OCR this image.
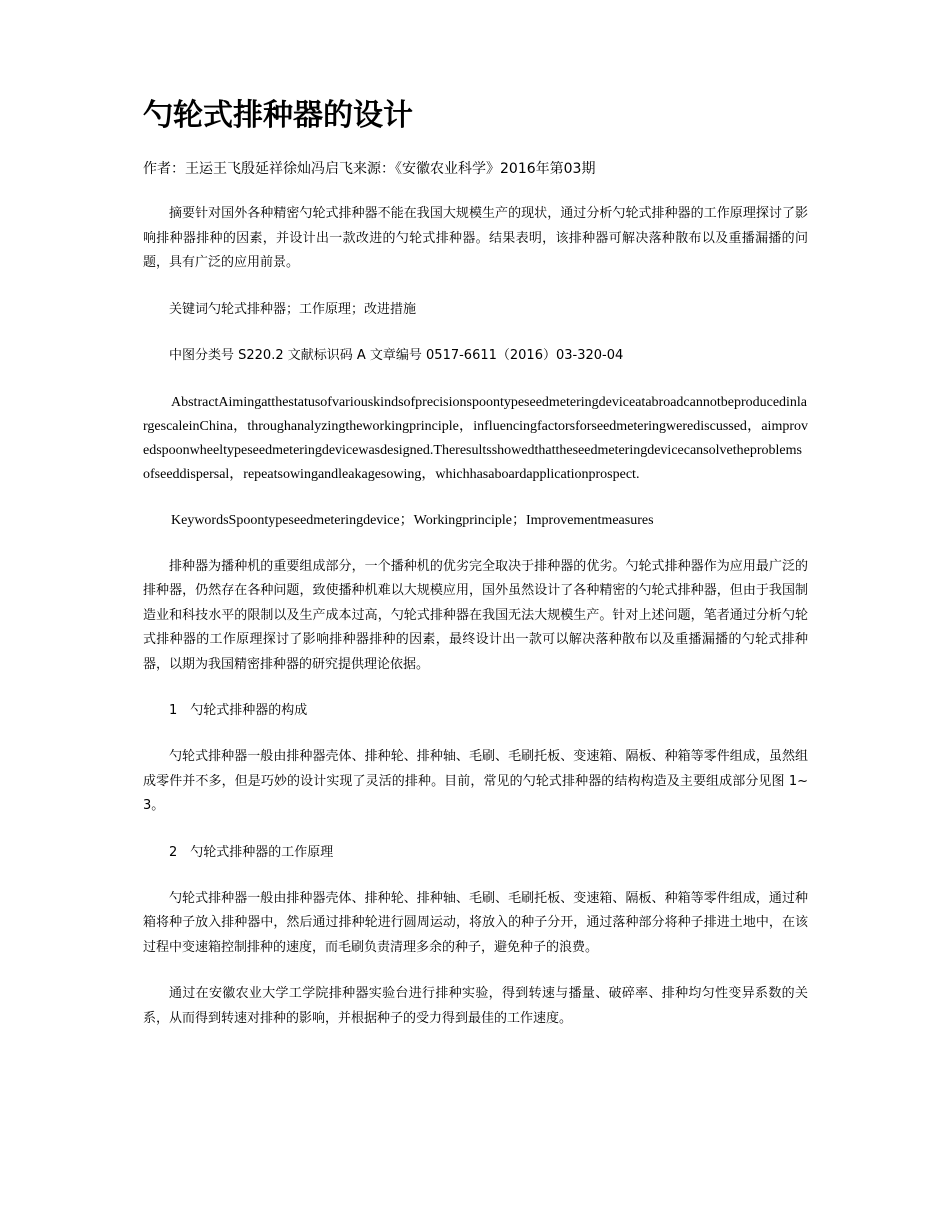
勺轮式排种器的设计

作者：王运王飞殷延祥徐灿冯启飞来源：《安徽农业科学》2016年第03期

摘要针对国外各种精密勺轮式排种器不能在我国大规模生产的现状，通过分析勺轮式排种器的工作原理探讨了影响排种器排种的因素，并设计出一款改进的勺轮式排种器。结果表明，该排种器可解决落种散布以及重播漏播的问题，具有广泛的应用前景。

关键词勺轮式排种器；工作原理；改进措施

中图分类号 S220.2 文献标识码 A 文章编号 0517-6611（2016）03-320-04

AbstractAimingatthestatusofvariouskindsofprecisionspoontypeseedmeteringdeviceatabroadcannotbeproducedinlargescaleinChina，throughanalyzingtheworkingprinciple，influencingfactorsforseedmeteringwerediscussed，aimprovedspoonwheeltypeseedmeteringdevicewasdesigned.Theresultsshowedthattheseedmeteringdevicecansolvetheproblemsofseeddispersal，repeatsowingandleakagesowing，whichhasaboardapplicationprospect.

KeywordsSpoontypeseedmeteringdevice；Workingprinciple；Improvementmeasures

排种器为播种机的重要组成部分，一个播种机的优劣完全取决于排种器的优劣。勺轮式排种器作为应用最广泛的排种器，仍然存在各种问题，致使播种机难以大规模应用，国外虽然设计了各种精密的勺轮式排种器，但由于我国制造业和科技水平的限制以及生产成本过高，勺轮式排种器在我国无法大规模生产。针对上述问题，笔者通过分析勺轮式排种器的工作原理探讨了影响排种器排种的因素，最终设计出一款可以解决落种散布以及重播漏播的勺轮式排种器，以期为我国精密排种器的研究提供理论依据。

1　勺轮式排种器的构成

勺轮式排种器一般由排种器壳体、排种轮、排种轴、毛刷、毛刷托板、变速箱、隔板、种箱等零件组成，虽然组成零件并不多，但是巧妙的设计实现了灵活的排种。目前，常见的勺轮式排种器的结构构造及主要组成部分见图 1~3。

2　勺轮式排种器的工作原理

勺轮式排种器一般由排种器壳体、排种轮、排种轴、毛刷、毛刷托板、变速箱、隔板、种箱等零件组成，通过种箱将种子放入排种器中，然后通过排种轮进行圆周运动，将放入的种子分开，通过落种部分将种子排进土地中，在该过程中变速箱控制排种的速度，而毛刷负责清理多余的种子，避免种子的浪费。

通过在安徽农业大学工学院排种器实验台进行排种实验，得到转速与播量、破碎率、排种均匀性变异系数的关系，从而得到转速对排种的影响，并根据种子的受力得到最佳的工作速度。
